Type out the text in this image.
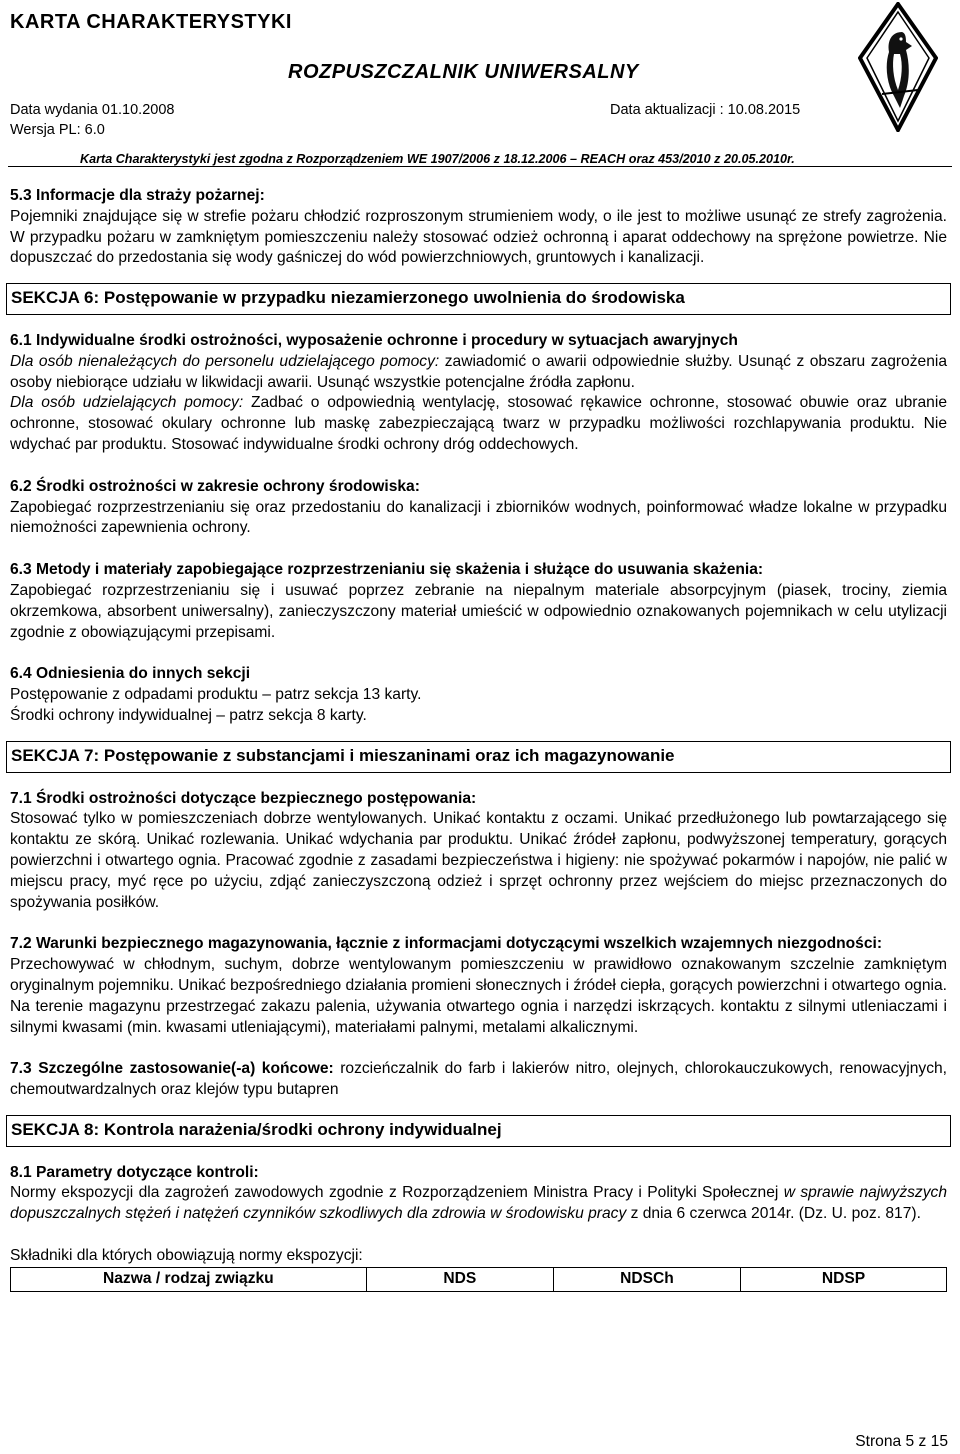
KARTA CHARAKTERYSTYKI
ROZPUSZCZALNIK UNIWERSALNY
Data wydania 01.10.2008	Data aktualizacji : 10.08.2015
Wersja PL: 6.0
Karta Charakterystyki jest zgodna z Rozporządzeniem WE 1907/2006 z 18.12.2006 – REACH oraz 453/2010 z 20.05.2010r.

5.3 Informacje dla straży pożarnej:

Pojemniki znajdujące się w strefie pożaru chłodzić rozproszonym strumieniem wody, o ile jest to możliwe usunąć ze strefy zagrożenia. W przypadku pożaru w zamkniętym pomieszczeniu należy stosować odzież ochronną i aparat oddechowy na sprężone powietrze. Nie dopuszczać do przedostania się wody gaśniczej do wód powierzchniowych, gruntowych i kanalizacji.

SEKCJA 6: Postępowanie w przypadku niezamierzonego uwolnienia do środowiska

6.1 Indywidualne środki ostrożności, wyposażenie ochronne i procedury w sytuacjach awaryjnych

Dla osób nienależących do personelu udzielającego pomocy: zawiadomić o awarii odpowiednie służby. Usunąć z obszaru zagrożenia osoby niebiorące udziału w likwidacji awarii. Usunąć wszystkie potencjalne źródła zapłonu.

Dla osób udzielających pomocy: Zadbać o odpowiednią wentylację, stosować rękawice ochronne, stosować obuwie oraz ubranie ochronne, stosować okulary ochronne lub maskę zabezpieczającą twarz w przypadku możliwości rozchlapywania produktu. Nie wdychać par produktu. Stosować indywidualne środki ochrony dróg oddechowych.

6.2 Środki ostrożności w zakresie ochrony środowiska:

Zapobiegać rozprzestrzenianiu się oraz przedostaniu do kanalizacji i zbiorników wodnych, poinformować władze lokalne w przypadku niemożności zapewnienia ochrony.

6.3 Metody i materiały zapobiegające rozprzestrzenianiu się skażenia i służące do usuwania skażenia:

Zapobiegać rozprzestrzenianiu się i usuwać poprzez zebranie na niepalnym materiale absorpcyjnym (piasek, trociny, ziemia okrzemkowa, absorbent uniwersalny), zanieczyszczony materiał umieścić w odpowiednio oznakowanych pojemnikach w celu utylizacji zgodnie z obowiązującymi przepisami.

6.4 Odniesienia do innych sekcji

Postępowanie z odpadami produktu – patrz sekcja 13 karty.

Środki ochrony indywidualnej – patrz sekcja 8 karty.

SEKCJA 7: Postępowanie z substancjami i mieszaninami oraz ich magazynowanie

7.1 Środki ostrożności dotyczące bezpiecznego postępowania:

Stosować tylko w pomieszczeniach dobrze wentylowanych. Unikać kontaktu z oczami. Unikać przedłużonego lub powtarzającego się kontaktu ze skórą. Unikać rozlewania. Unikać wdychania par produktu. Unikać źródeł zapłonu, podwyższonej temperatury, gorących powierzchni i otwartego ognia. Pracować zgodnie z zasadami bezpieczeństwa i higieny: nie spożywać pokarmów i napojów, nie palić w miejscu pracy, myć ręce po użyciu, zdjąć zanieczyszczoną odzież i sprzęt ochronny przez wejściem do miejsc przeznaczonych do spożywania posiłków.

7.2 Warunki bezpiecznego magazynowania, łącznie z informacjami dotyczącymi wszelkich wzajemnych niezgodności:

Przechowywać w chłodnym, suchym, dobrze wentylowanym pomieszczeniu w prawidłowo oznakowanym szczelnie zamkniętym oryginalnym pojemniku. Unikać bezpośredniego działania promieni słonecznych i źródeł ciepła, gorących powierzchni i otwartego ognia. Na terenie magazynu przestrzegać zakazu palenia, używania otwartego ognia i narzędzi iskrzących. kontaktu z silnymi utleniaczami i silnymi kwasami (min. kwasami utleniającymi), materiałami palnymi, metalami alkalicznymi.

7.3 Szczególne zastosowanie(-a) końcowe: rozcieńczalnik do farb i lakierów nitro, olejnych, chlorokauczukowych, renowacyjnych, chemoutwardzalnych oraz klejów typu butapren

SEKCJA 8: Kontrola narażenia/środki ochrony indywidualnej

8.1 Parametry dotyczące kontroli:

Normy ekspozycji dla zagrożeń zawodowych zgodnie z Rozporządzeniem Ministra Pracy i Polityki Społecznej w sprawie najwyższych dopuszczalnych stężeń i natężeń czynników szkodliwych dla zdrowia w środowisku pracy z dnia 6 czerwca 2014r. (Dz. U. poz. 817).

Składniki dla których obowiązują normy ekspozycji:

Nazwa / rodzaj związku	NDS	NDSCh	NDSP
Strona 5 z 15
